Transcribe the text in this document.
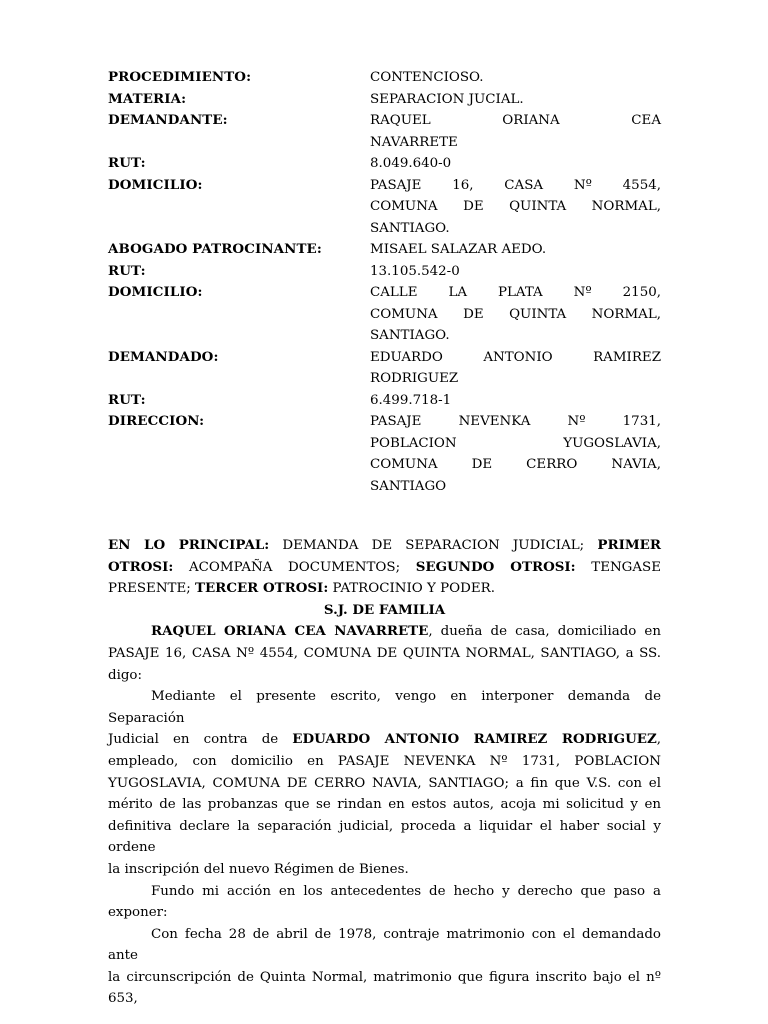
PROCEDIMIENTO:	CONTENCIOSO.
MATERIA:	SEPARACION JUCIAL.
DEMANDANTE:	RAQUEL ORIANA CEA
NAVARRETE
RUT:	8.049.640-0
DOMICILIO:	PASAJE 16, CASA Nº 4554,
COMUNA DE QUINTA NORMAL,
SANTIAGO.
ABOGADO PATROCINANTE:	MISAEL SALAZAR AEDO.
RUT:	13.105.542-0
DOMICILIO:	CALLE LA PLATA Nº 2150,
COMUNA DE QUINTA NORMAL,
SANTIAGO.
DEMANDADO:	EDUARDO ANTONIO RAMIREZ
RODRIGUEZ
RUT:	6.499.718-1
DIRECCION:	PASAJE NEVENKA Nº 1731,
POBLACION YUGOSLAVIA,
COMUNA DE CERRO NAVIA,
SANTIAGO

EN LO PRINCIPAL: DEMANDA DE SEPARACION JUDICIAL; PRIMER OTROSI: ACOMPAÑA DOCUMENTOS; SEGUNDO OTROSI: TENGASE PRESENTE; TERCER OTROSI: PATROCINIO Y PODER.

S.J. DE FAMILIA

RAQUEL ORIANA CEA NAVARRETE, dueña de casa, domiciliado en
PASAJE 16, CASA Nº 4554, COMUNA DE QUINTA NORMAL, SANTIAGO, a SS.
digo:

Mediante el presente escrito, vengo en interponer demanda de Separación
Judicial en contra de EDUARDO ANTONIO RAMIREZ RODRIGUEZ,
empleado, con domicilio en PASAJE NEVENKA Nº 1731, POBLACION
YUGOSLAVIA, COMUNA DE CERRO NAVIA, SANTIAGO; a fin que V.S. con el
mérito de las probanzas que se rindan en estos autos, acoja mi solicitud y en
definitiva declare la separación judicial, proceda a liquidar el haber social y ordene
la inscripción del nuevo Régimen de Bienes.

Fundo mi acción en los antecedentes de hecho y derecho que paso a
exponer:

Con fecha 28 de abril de 1978, contraje matrimonio con el demandado ante
la circunscripción de Quinta Normal, matrimonio que figura inscrito bajo el nº 653,
